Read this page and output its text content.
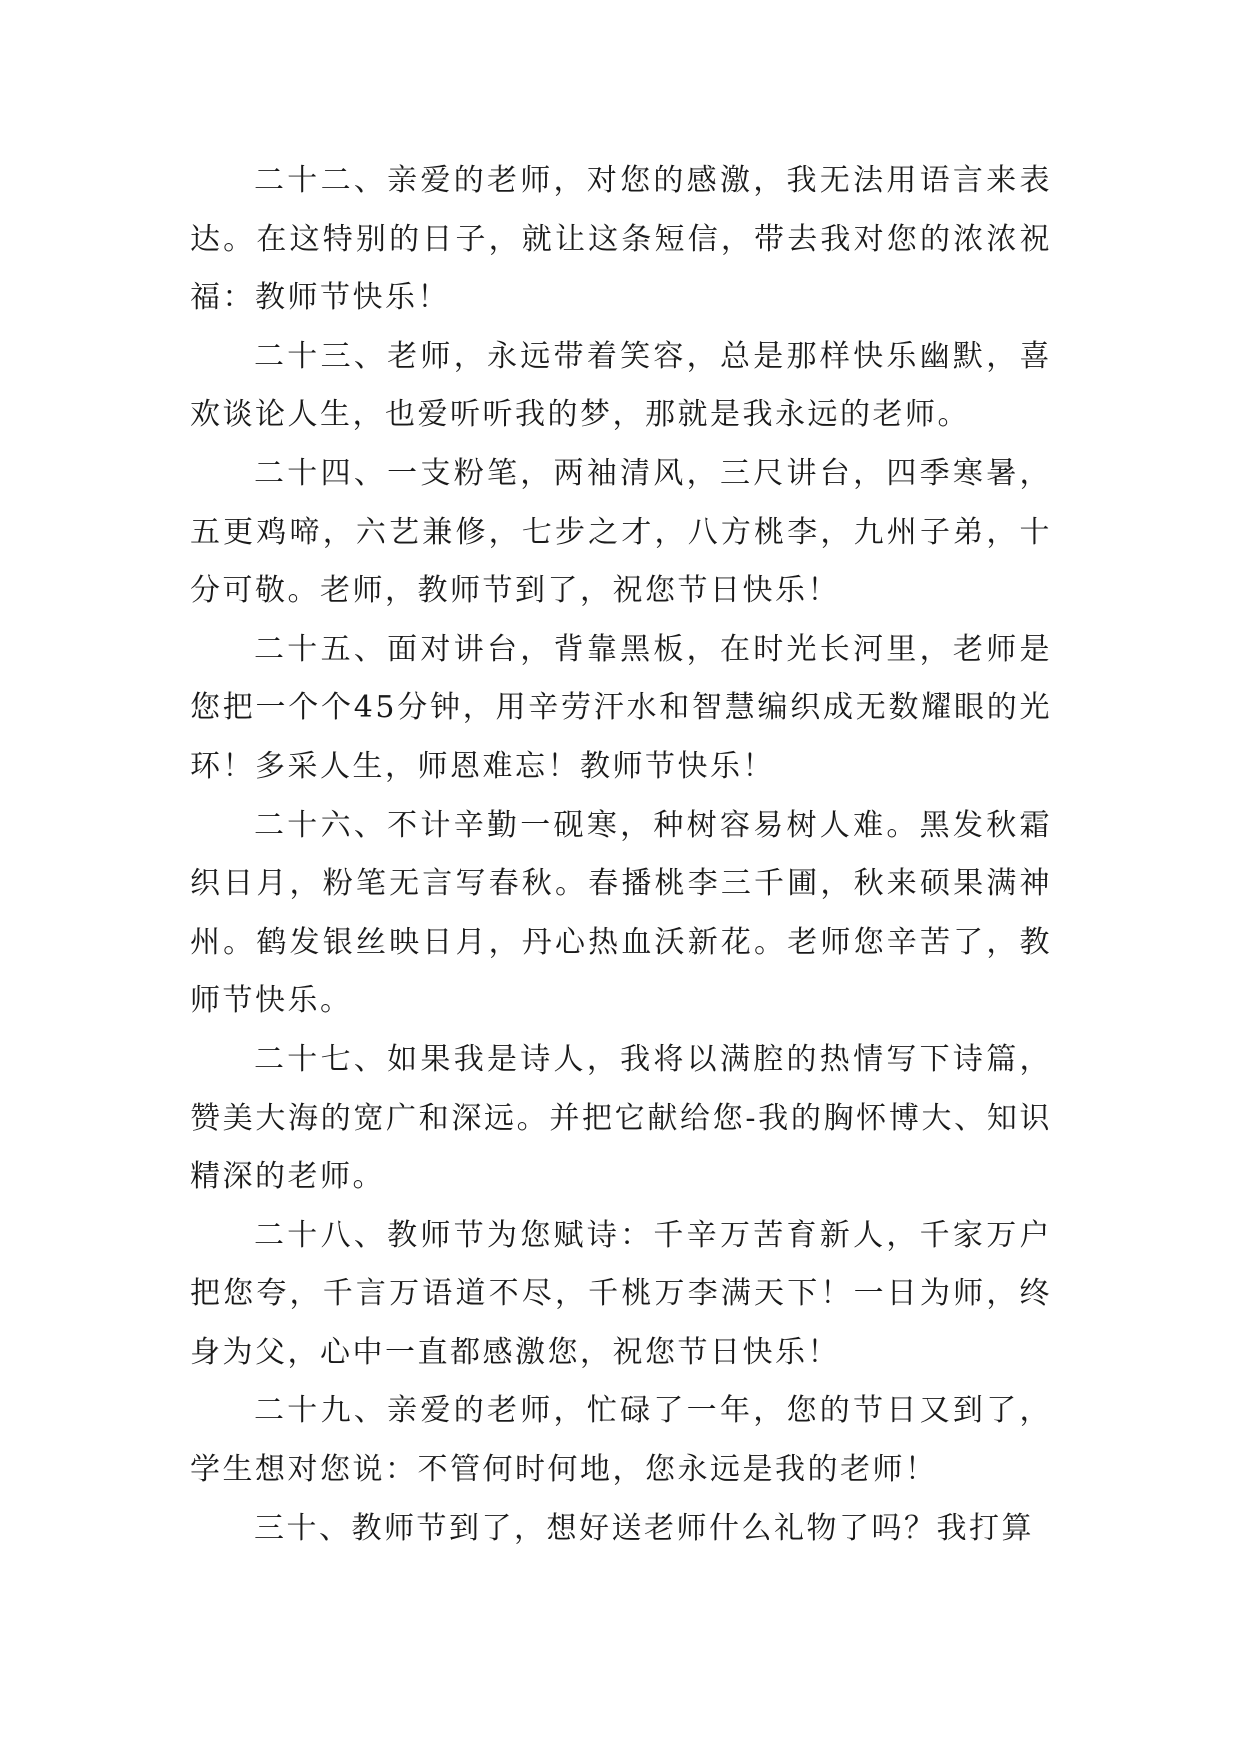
二十二、亲爱的老师，对您的感激，我无法用语言来表达。在这特别的日子，就让这条短信，带去我对您的浓浓祝福：教师节快乐！

二十三、老师，永远带着笑容，总是那样快乐幽默，喜欢谈论人生，也爱听听我的梦，那就是我永远的老师。

二十四、一支粉笔，两袖清风，三尺讲台，四季寒暑，五更鸡啼，六艺兼修，七步之才，八方桃李，九州子弟，十分可敬。老师，教师节到了，祝您节日快乐！

二十五、面对讲台，背靠黑板，在时光长河里，老师是您把一个个45分钟，用辛劳汗水和智慧编织成无数耀眼的光环！多采人生，师恩难忘！教师节快乐！

二十六、不计辛勤一砚寒，种树容易树人难。黑发秋霜织日月，粉笔无言写春秋。春播桃李三千圃，秋来硕果满神州。鹤发银丝映日月，丹心热血沃新花。老师您辛苦了，教师节快乐。

二十七、如果我是诗人，我将以满腔的热情写下诗篇，赞美大海的宽广和深远。并把它献给您-我的胸怀博大、知识精深的老师。

二十八、教师节为您赋诗：千辛万苦育新人，千家万户把您夸，千言万语道不尽，千桃万李满天下！一日为师，终身为父，心中一直都感激您，祝您节日快乐！

二十九、亲爱的老师，忙碌了一年，您的节日又到了，学生想对您说：不管何时何地，您永远是我的老师！

三十、教师节到了，想好送老师什么礼物了吗？我打算
